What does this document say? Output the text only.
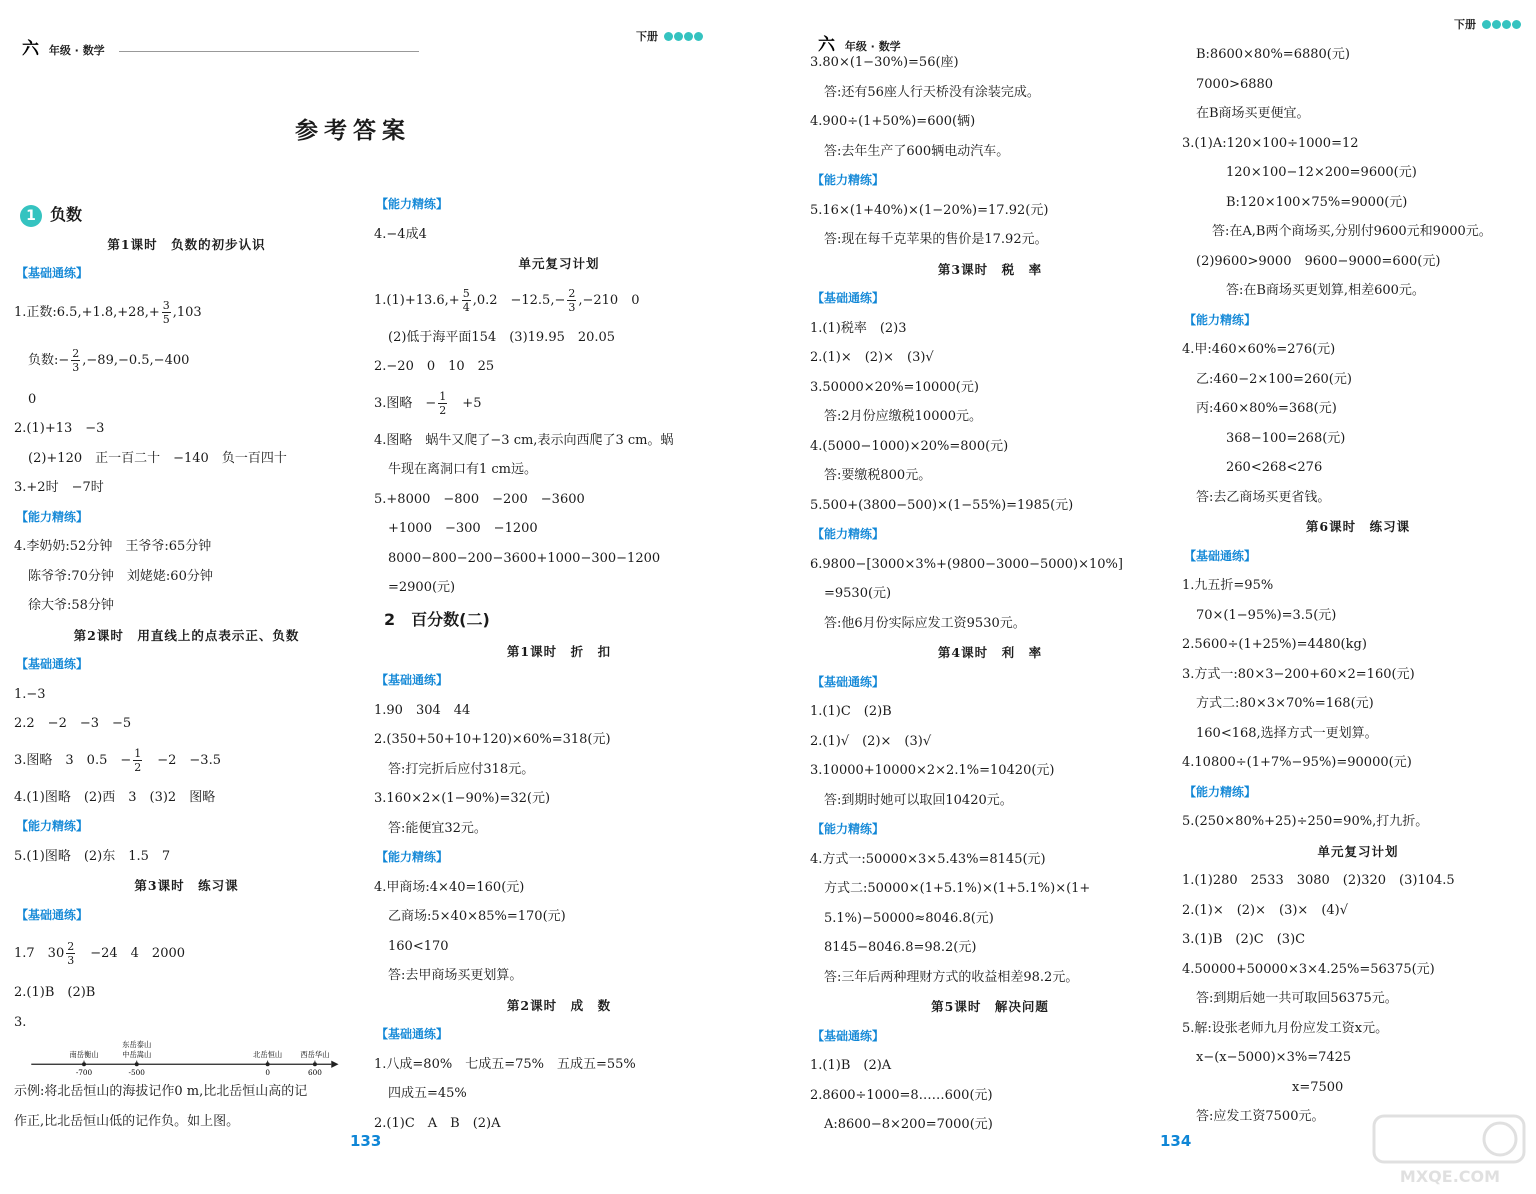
六 年级 · 数学
下册
参考答案
1 负数
第1课时　负数的初步认识
【基础通练】
1.正数:6.5,+1.8,+28,+ $\frac{3}{5} ,103$
负数:− $\frac{2}{3} ,-89,-0.5,-400$
0
2.(1)+13　−3
(2)+120　正一百二十　−140　负一百四十
3.+2时　−7时
【能力精练】
4.李奶奶:52分钟　王爷爷:65分钟
陈爷爷:70分钟　刘姥姥:60分钟
徐大爷:58分钟
第2课时　用直线上的点表示正、负数
【基础通练】
1.−3
2.2　−2　−3　−5
3.图略　3　0.5　− $\frac{1}{2}$ 　−2　−3.5
4.(1)图略　(2)西　3　(3)2　图略
【能力精练】
5.(1)图略　(2)东　1.5　7
第3课时　练习课
【基础通练】
1.7　$30 \frac{2}{3}$ 　−24　4　2000
2.(1)B　(2)B
3.
南岳衡山
东岳泰山
中岳嵩山	北岳恒山 西岳华山
-700	-500	0	600
示例:将北岳恒山的海拔记作0 m,比北岳恒山高的记
作正,比北岳恒山低的记作负。如上图。
【能力精练】
4.−4成4
单元复习计划
$1.(1)+13.6,+ \frac{5}{4} ,0.2$　$-12.5,- \frac{2}{3} ,-210$　0
(2)低于海平面154　(3)19.95　20.05
2.−20　0　10　25
3.图略　− $\frac{1}{2}$ 　+5
4.图略　蜗牛又爬了−3 cm,表示向西爬了3 cm。蜗
牛现在离洞口有1 cm远。
5.+8000　−800　−200　−3600
+1000　−300　−1200
8000−800−200−3600+1000−300−1200
=2900(元)
2　 百分数(二)
第1课时　折　扣
【基础通练】
1.90　304　44
2.(350+50+10+120)×60%=318(元)
答:打完折后应付318元。
3.160×2×(1−90%)=32(元)
答:能便宜32元。
【能力精练】
4.甲商场:4×40=160(元)
乙商场:5×40×85%=170(元)
160<170
答:去甲商场买更划算。
第2课时　成　数
【基础通练】
1.八成=80%　七成五=75%　五成五=55%
四成五=45%
2.(1)C　A　B　(2)A
133
六 年级 · 数学
下册
3.80×(1−30%)=56(座)
答:还有56座人行天桥没有涂装完成。
4.900÷(1+50%)=600(辆)
答:去年生产了600辆电动汽车。
【能力精练】
5.16×(1+40%)×(1−20%)=17.92(元)
答:现在每千克苹果的售价是17.92元。
第3课时　税　率
【基础通练】
1.(1)税率　(2)3
2.(1)×　(2)×　(3)√
3.50000×20%=10000(元)
答:2月份应缴税10000元。
4.(5000−1000)×20%=800(元)
答:要缴税800元。
5.500+(3800−500)×(1−55%)=1985(元)
【能力精练】
6.9800−[3000×3%+(9800−3000−5000)×10%]
=9530(元)
答:他6月份实际应发工资9530元。
第4课时　利　率
【基础通练】
1.(1)C　(2)B
2.(1)√　(2)×　(3)√
3.10000+10000×2×2.1%=10420(元)
答:到期时她可以取回10420元。
【能力精练】
4.方式一:50000×3×5.43%=8145(元)
方式二:50000×(1+5.1%)×(1+5.1%)×(1+
5.1%)−50000≈8046.8(元)
8145−8046.8=98.2(元)
答:三年后两种理财方式的收益相差98.2元。
第5课时　解决问题
【基础通练】
1.(1)B　(2)A
2.8600÷1000=8……600(元)
A:8600−8×200=7000(元)
B:8600×80%=6880(元)
7000>6880
在B商场买更便宜。
3.(1)A:120×100÷1000=12
120×100−12×200=9600(元)
B:120×100×75%=9000(元)
答:在A,B两个商场买,分别付9600元和9000元。
(2)9600>9000　9600−9000=600(元)
答:在B商场买更划算,相差600元。
【能力精练】
4.甲:460×60%=276(元)
乙:460−2×100=260(元)
丙:460×80%=368(元)
368−100=268(元)
260<268<276
答:去乙商场买更省钱。
第6课时　练习课
【基础通练】
1.九五折=95%
70×(1−95%)=3.5(元)
2.5600÷(1+25%)=4480(kg)
3.方式一:80×3−200+60×2=160(元)
方式二:80×3×70%=168(元)
160<168,选择方式一更划算。
4.10800÷(1+7%−95%)=90000(元)
【能力精练】
5.(250×80%+25)÷250=90%,打九折。
单元复习计划
1.(1)280　2533　3080　(2)320　(3)104.5
2.(1)×　(2)×　(3)×　(4)√
3.(1)B　(2)C　(3)C
4.50000+50000×3×4.25%=56375(元)
答:到期后她一共可取回56375元。
5.解:设张老师九月份应发工资x元。
x−(x−5000)×3%=7425
x=7500
答:应发工资7500元。
134
MXQE.COM
